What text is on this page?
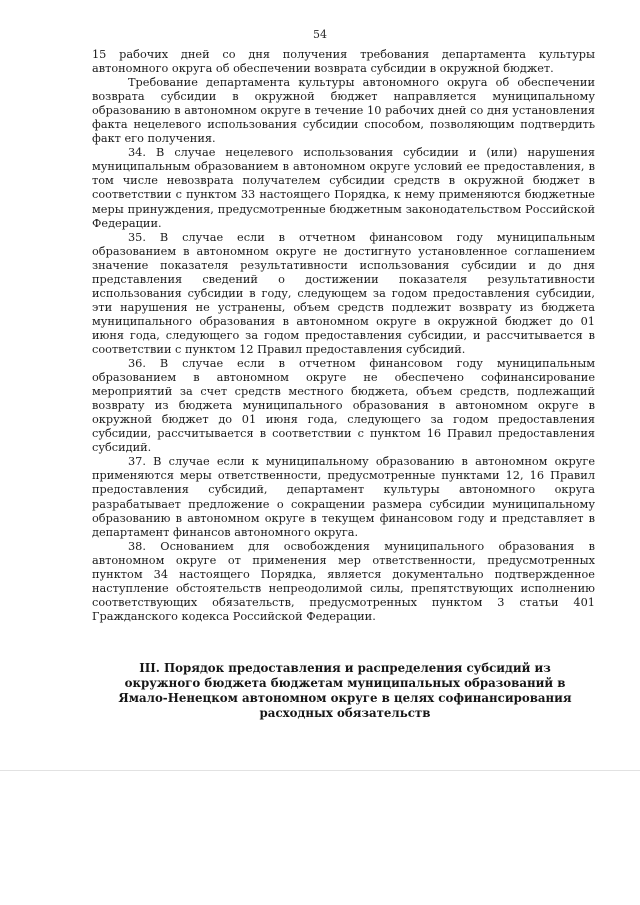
54

15 рабочих дней со дня получения требования департамента культуры автономного округа об обеспечении возврата субсидии в окружной бюджет.

Требование департамента культуры автономного округа об обеспечении возврата субсидии в окружной бюджет направляется муниципальному образованию в автономном округе в течение 10 рабочих дней со дня установления факта нецелевого использования субсидии способом, позволяющим подтвердить факт его получения.

34. В случае нецелевого использования субсидии и (или) нарушения муниципальным образованием в автономном округе условий ее предоставления, в том числе невозврата получателем субсидии средств в окружной бюджет в соответствии с пунктом 33 настоящего Порядка, к нему применяются бюджетные меры принуждения, предусмотренные бюджетным законодательством Российской Федерации.

35. В случае если в отчетном финансовом году муниципальным образованием в автономном округе не достигнуто установленное соглашением значение показателя результативности использования субсидии и до дня представления сведений о достижении показателя результативности использования субсидии в году, следующем за годом предоставления субсидии, эти нарушения не устранены, объем средств подлежит возврату из бюджета муниципального образования в автономном округе в окружной бюджет до 01 июня года, следующего за годом предоставления субсидии, и рассчитывается в соответствии с пунктом 12 Правил предоставления субсидий.

36. В случае если в отчетном финансовом году муниципальным образованием в автономном округе не обеспечено софинансирование мероприятий за счет средств местного бюджета, объем средств, подлежащий возврату из бюджета муниципального образования в автономном округе в окружной бюджет до 01 июня года, следующего за годом предоставления субсидии, рассчитывается в соответствии с пунктом 16 Правил предоставления субсидий.

37. В случае если к муниципальному образованию в автономном округе применяются меры ответственности, предусмотренные пунктами 12, 16 Правил предоставления субсидий, департамент культуры автономного округа разрабатывает предложение о сокращении размера субсидии муниципальному образованию в автономном округе в текущем финансовом году и представляет в департамент финансов автономного округа.

38. Основанием для освобождения муниципального образования в автономном округе от применения мер ответственности, предусмотренных пунктом 34 настоящего Порядка, является документально подтвержденное наступление обстоятельств непреодолимой силы, препятствующих исполнению соответствующих обязательств, предусмотренных пунктом 3 статьи 401 Гражданского кодекса Российской Федерации.

III. Порядок предоставления и распределения субсидий из окружного бюджета бюджетам муниципальных образований в Ямало-Ненецком автономном округе в целях софинансирования расходных обязательств
